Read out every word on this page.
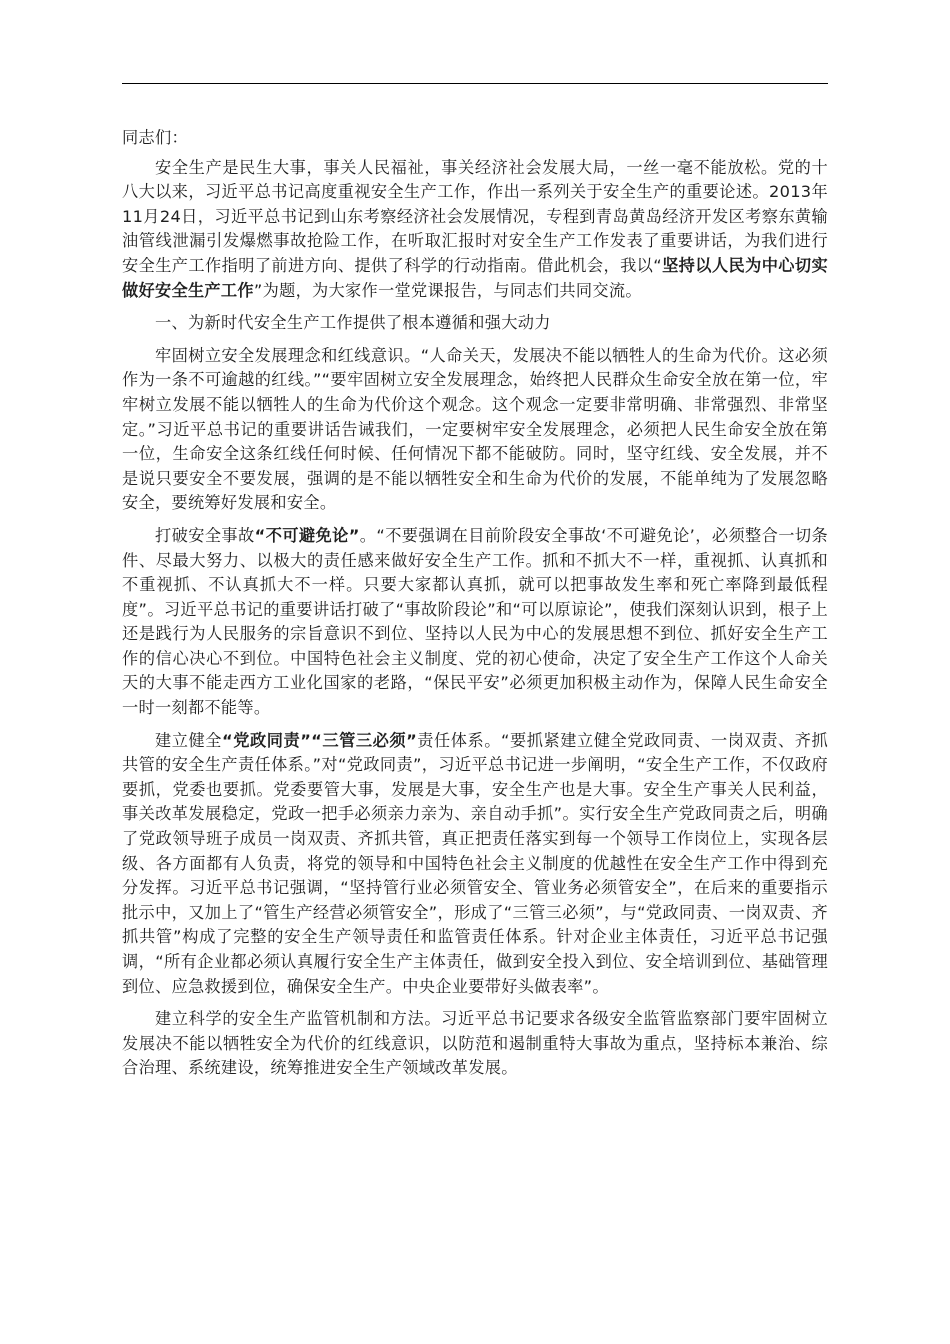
同志们：

安全生产是民生大事，事关人民福祉，事关经济社会发展大局，一丝一毫不能放松。党的十八大以来，习近平总书记高度重视安全生产工作，作出一系列关于安全生产的重要论述。2013年11月24日，习近平总书记到山东考察经济社会发展情况，专程到青岛黄岛经济开发区考察东黄输油管线泄漏引发爆燃事故抢险工作，在听取汇报时对安全生产工作发表了重要讲话，为我们进行安全生产工作指明了前进方向、提供了科学的行动指南。借此机会，我以“坚持以人民为中心切实做好安全生产工作”为题，为大家作一堂党课报告，与同志们共同交流。

一、为新时代安全生产工作提供了根本遵循和强大动力

牢固树立安全发展理念和红线意识。“人命关天，发展决不能以牺牲人的生命为代价。这必须作为一条不可逾越的红线。”“要牢固树立安全发展理念，始终把人民群众生命安全放在第一位，牢牢树立发展不能以牺牲人的生命为代价这个观念。这个观念一定要非常明确、非常强烈、非常坚定。”习近平总书记的重要讲话告诫我们，一定要树牢安全发展理念，必须把人民生命安全放在第一位，生命安全这条红线任何时候、任何情况下都不能破防。同时，坚守红线、安全发展，并不是说只要安全不要发展，强调的是不能以牺牲安全和生命为代价的发展，不能单纯为了发展忽略安全，要统筹好发展和安全。

打破安全事故“不可避免论”。“不要强调在目前阶段安全事故‘不可避免论’，必须整合一切条件、尽最大努力、以极大的责任感来做好安全生产工作。抓和不抓大不一样，重视抓、认真抓和不重视抓、不认真抓大不一样。只要大家都认真抓，就可以把事故发生率和死亡率降到最低程度”。习近平总书记的重要讲话打破了“事故阶段论”和“可以原谅论”，使我们深刻认识到，根子上还是践行为人民服务的宗旨意识不到位、坚持以人民为中心的发展思想不到位、抓好安全生产工作的信心决心不到位。中国特色社会主义制度、党的初心使命，决定了安全生产工作这个人命关天的大事不能走西方工业化国家的老路，“保民平安”必须更加积极主动作为，保障人民生命安全一时一刻都不能等。

建立健全“党政同责”“三管三必须”责任体系。“要抓紧建立健全党政同责、一岗双责、齐抓共管的安全生产责任体系。”对“党政同责”，习近平总书记进一步阐明，“安全生产工作，不仅政府要抓，党委也要抓。党委要管大事，发展是大事，安全生产也是大事。安全生产事关人民利益，事关改革发展稳定，党政一把手必须亲力亲为、亲自动手抓”。实行安全生产党政同责之后，明确了党政领导班子成员一岗双责、齐抓共管，真正把责任落实到每一个领导工作岗位上，实现各层级、各方面都有人负责，将党的领导和中国特色社会主义制度的优越性在安全生产工作中得到充分发挥。习近平总书记强调，“坚持管行业必须管安全、管业务必须管安全”，在后来的重要指示批示中，又加上了“管生产经营必须管安全”，形成了“三管三必须”，与“党政同责、一岗双责、齐抓共管”构成了完整的安全生产领导责任和监管责任体系。针对企业主体责任，习近平总书记强调，“所有企业都必须认真履行安全生产主体责任，做到安全投入到位、安全培训到位、基础管理到位、应急救援到位，确保安全生产。中央企业要带好头做表率”。

建立科学的安全生产监管机制和方法。习近平总书记要求各级安全监管监察部门要牢固树立发展决不能以牺牲安全为代价的红线意识，以防范和遏制重特大事故为重点，坚持标本兼治、综合治理、系统建设，统筹推进安全生产领域改革发展。
